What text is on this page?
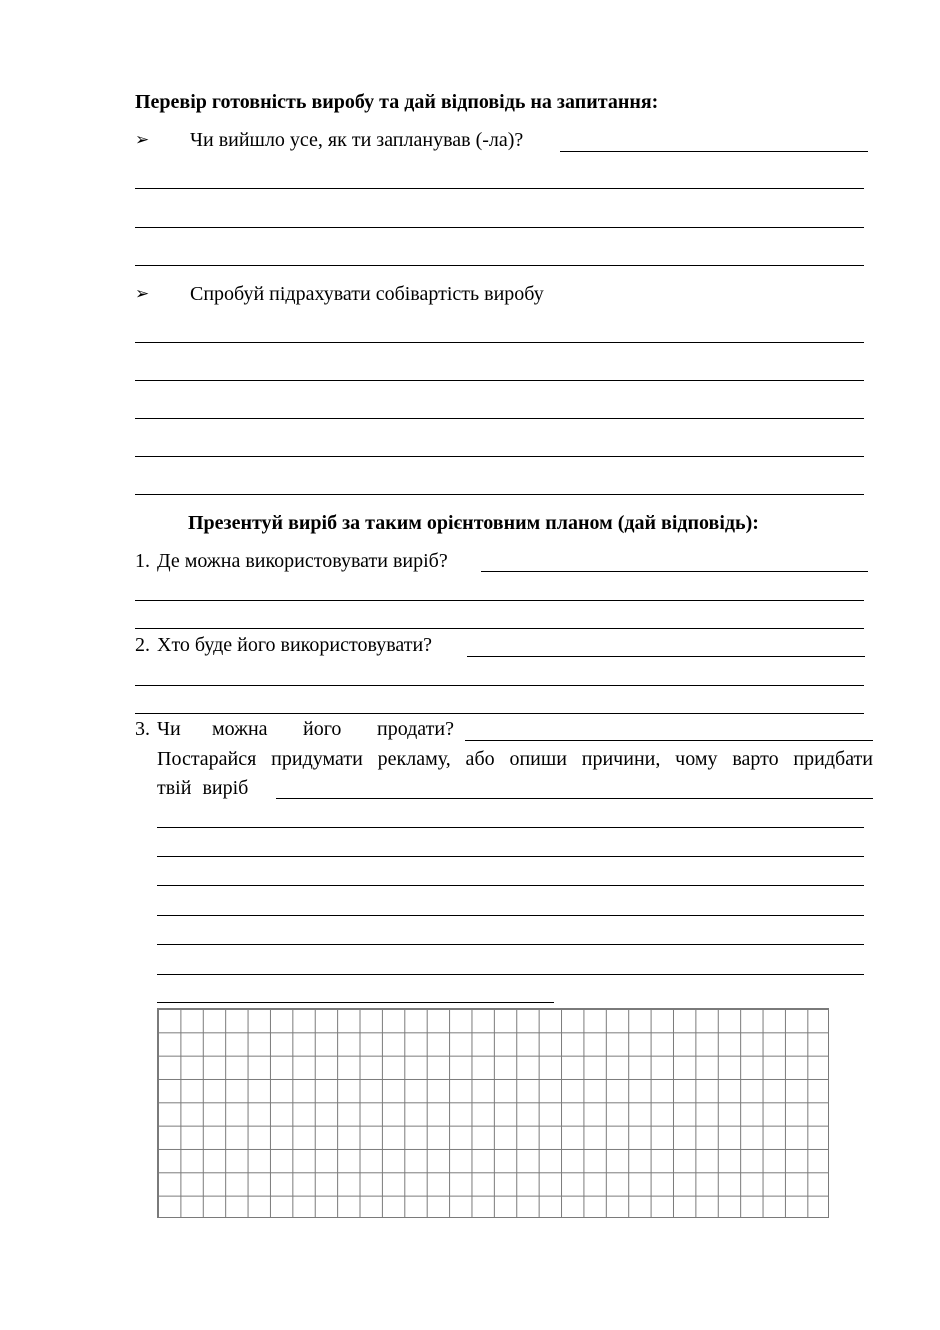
Перевір готовність виробу та дай відповідь на запитання:
➢ Чи вийшло усе, як ти запланував (-ла)?
➢ Спробуй підрахувати собівартість виробу
Презентуй виріб за таким орієнтовним планом (дай відповідь):
1. Де можна використовувати виріб?
2. Хто буде його використовувати?
3. Чи можна його продати?
Постарайся придумати рекламу, або опиши причини, чому варто придбати
твій виріб
